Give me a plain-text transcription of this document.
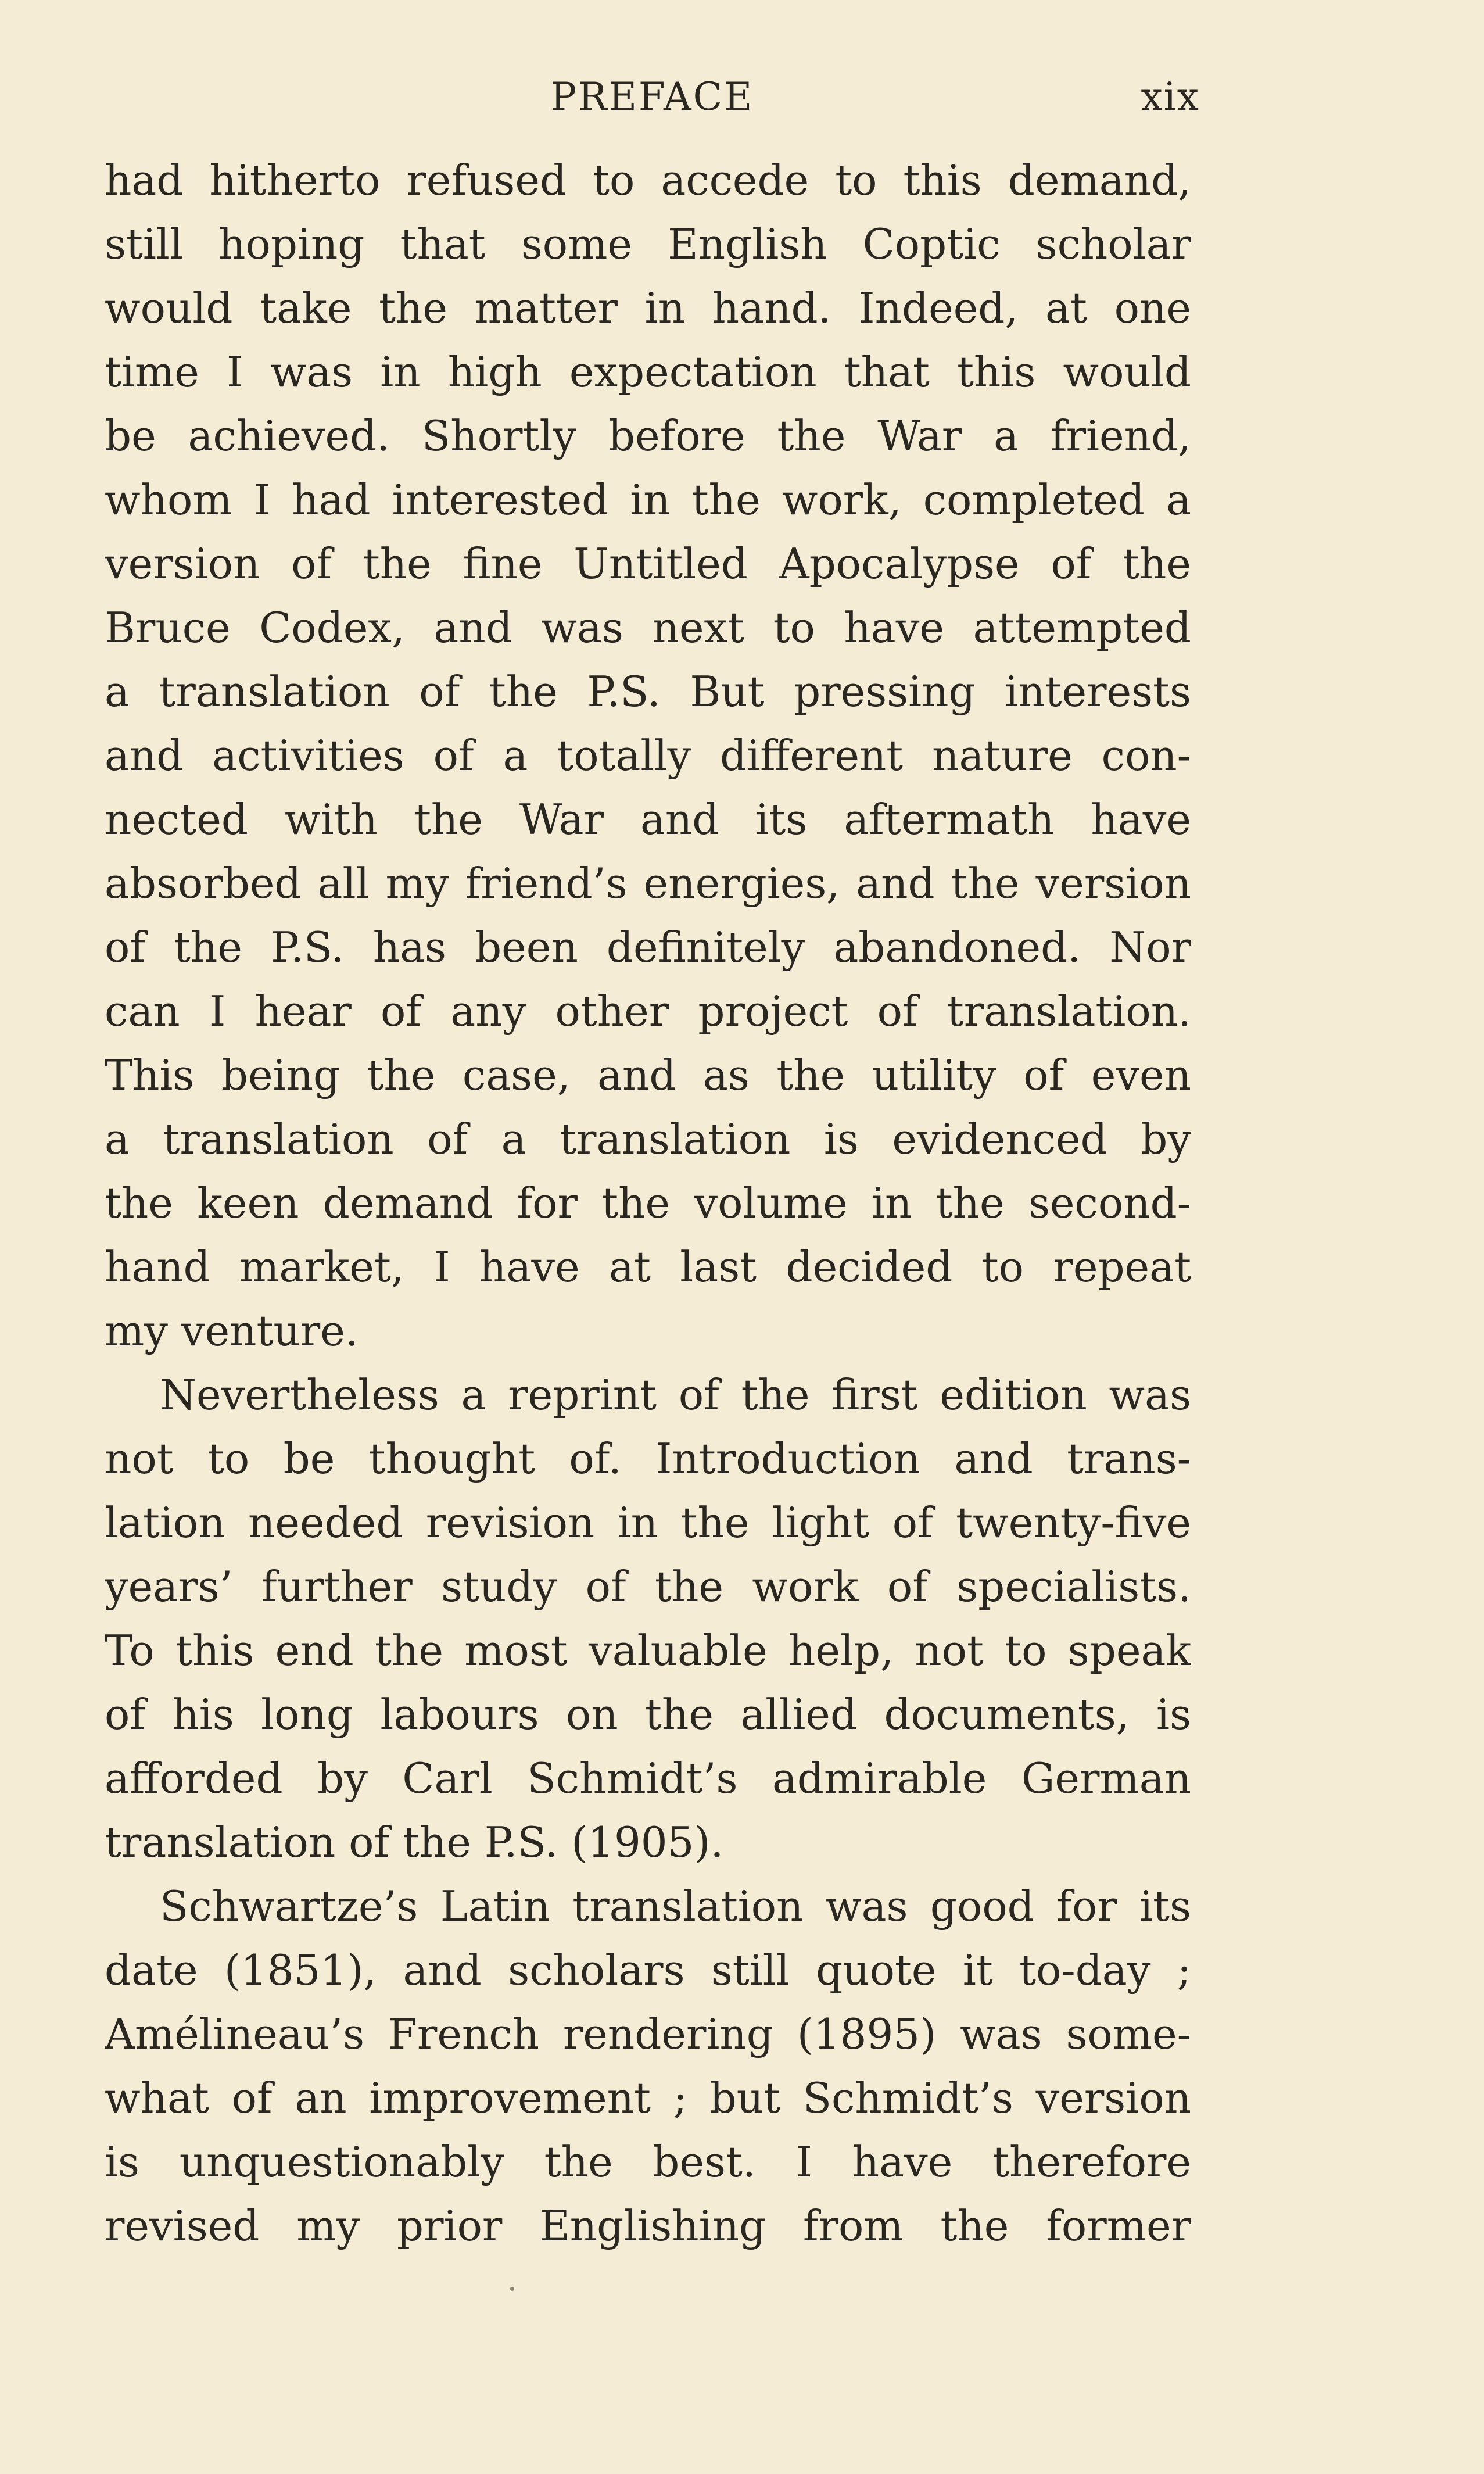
PREFACE	xix
had hitherto refused to accede to this demand,
still hoping that some English Coptic scholar
would take the matter in hand. Indeed, at one
time I was in high expectation that this would
be achieved. Shortly before the War a friend,
whom I had interested in the work, completed a
version of the fine Untitled Apocalypse of the
Bruce Codex, and was next to have attempted
a translation of the P.S. But pressing interests
and activities of a totally different nature con-
nected with the War and its aftermath have
absorbed all my friend’s energies, and the version
of the P.S. has been definitely abandoned. Nor
can I hear of any other project of translation.
This being the case, and as the utility of even
a translation of a translation is evidenced by
the keen demand for the volume in the second-
hand market, I have at last decided to repeat
my venture.
Nevertheless a reprint of the first edition was
not to be thought of. Introduction and trans-
lation needed revision in the light of twenty-five
years’ further study of the work of specialists.
To this end the most valuable help, not to speak
of his long labours on the allied documents, is
afforded by Carl Schmidt’s admirable German
translation of the P.S. (1905).
Schwartze’s Latin translation was good for its
date (1851), and scholars still quote it to-day ;
Amélineau’s French rendering (1895) was some-
what of an improvement ; but Schmidt’s version
is unquestionably the best. I have therefore
revised my prior Englishing from the former
